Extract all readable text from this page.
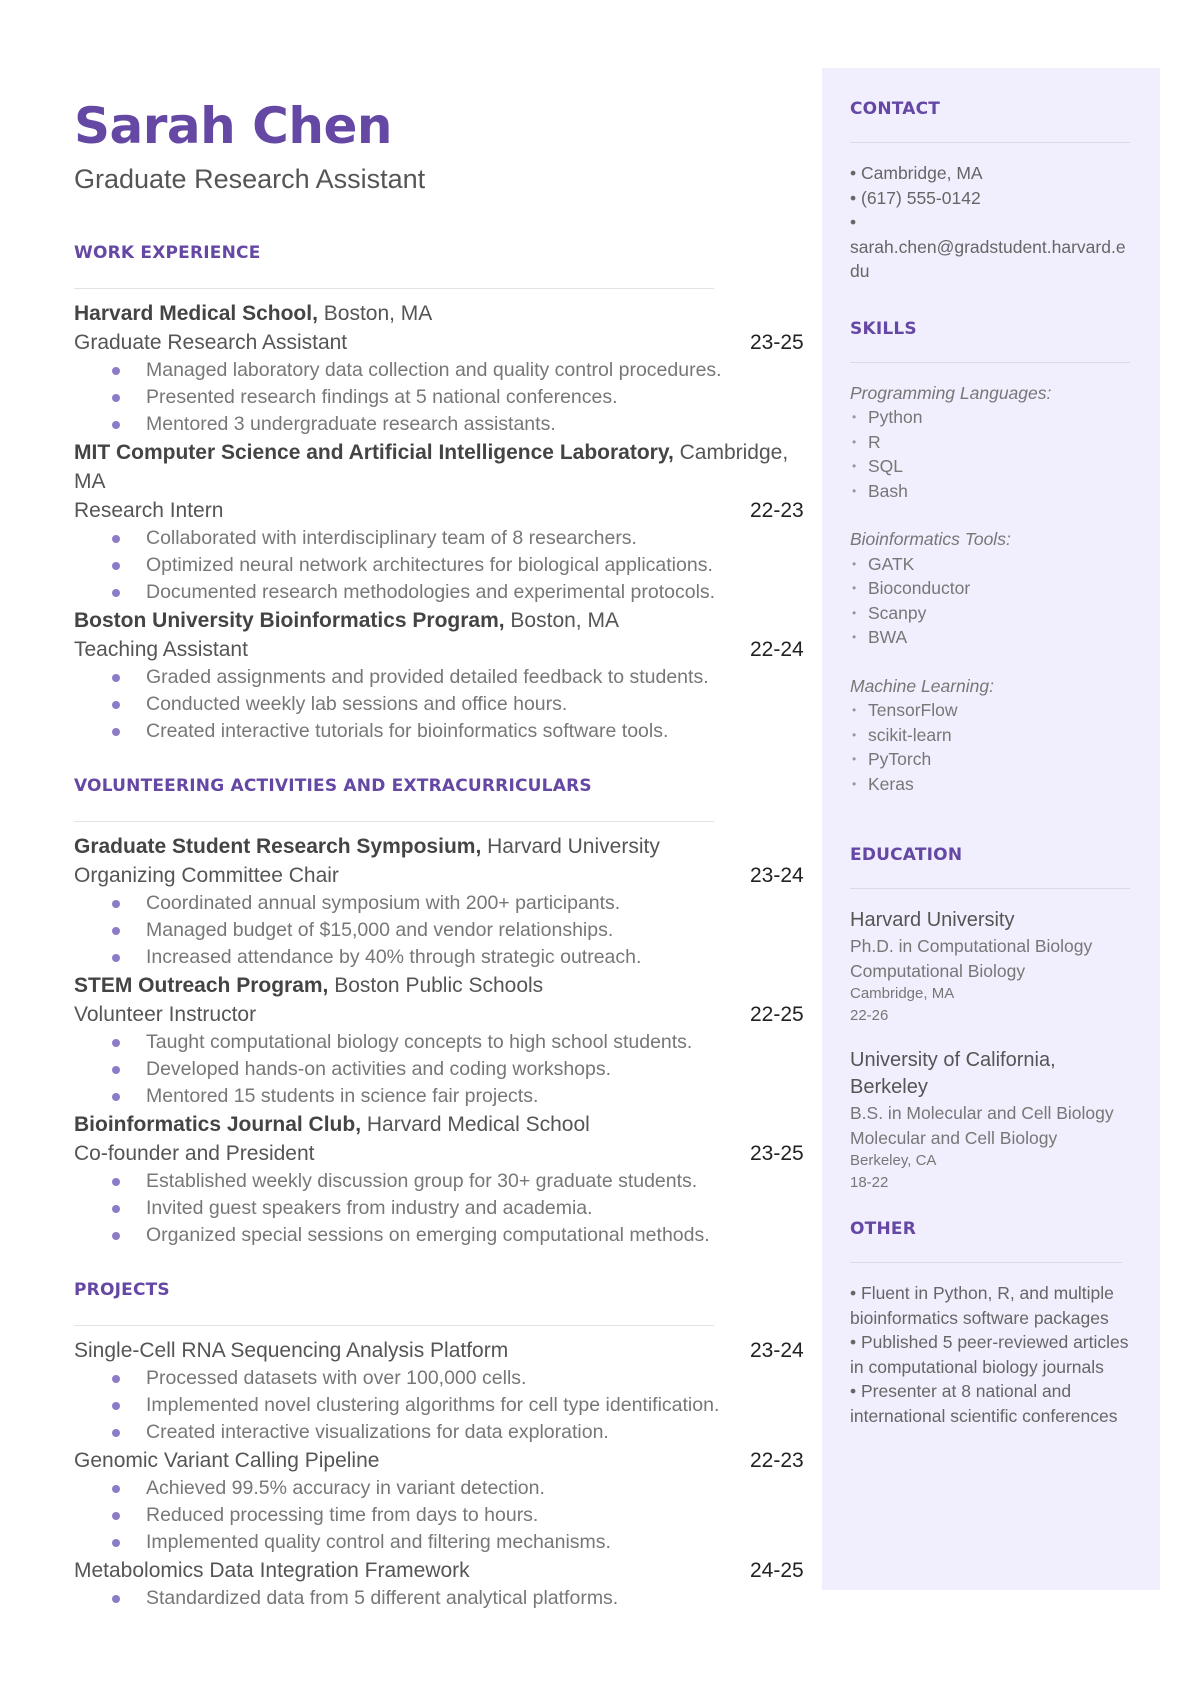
Sarah Chen
Graduate Research Assistant
WORK EXPERIENCE
Harvard Medical School, Boston, MA
Graduate Research Assistant	23-25
Managed laboratory data collection and quality control procedures.
Presented research findings at 5 national conferences.
Mentored 3 undergraduate research assistants.
MIT Computer Science and Artificial Intelligence Laboratory, Cambridge, MA
Research Intern	22-23
Collaborated with interdisciplinary team of 8 researchers.
Optimized neural network architectures for biological applications.
Documented research methodologies and experimental protocols.
Boston University Bioinformatics Program, Boston, MA
Teaching Assistant	22-24
Graded assignments and provided detailed feedback to students.
Conducted weekly lab sessions and office hours.
Created interactive tutorials for bioinformatics software tools.
VOLUNTEERING ACTIVITIES AND EXTRACURRICULARS
Graduate Student Research Symposium, Harvard University
Organizing Committee Chair	23-24
Coordinated annual symposium with 200+ participants.
Managed budget of $15,000 and vendor relationships.
Increased attendance by 40% through strategic outreach.
STEM Outreach Program, Boston Public Schools
Volunteer Instructor	22-25
Taught computational biology concepts to high school students.
Developed hands-on activities and coding workshops.
Mentored 15 students in science fair projects.
Bioinformatics Journal Club, Harvard Medical School
Co-founder and President	23-25
Established weekly discussion group for 30+ graduate students.
Invited guest speakers from industry and academia.
Organized special sessions on emerging computational methods.
PROJECTS
Single-Cell RNA Sequencing Analysis Platform	23-24
Processed datasets with over 100,000 cells.
Implemented novel clustering algorithms for cell type identification.
Created interactive visualizations for data exploration.
Genomic Variant Calling Pipeline	22-23
Achieved 99.5% accuracy in variant detection.
Reduced processing time from days to hours.
Implemented quality control and filtering mechanisms.
Metabolomics Data Integration Framework	24-25
Standardized data from 5 different analytical platforms.
CONTACT
• Cambridge, MA
• (617) 555-0142
•
sarah.chen@gradstudent.harvard.e du
SKILLS
Programming Languages:
• Python
• R
• SQL
• Bash
Bioinformatics Tools:
• GATK
• Bioconductor
• Scanpy
• BWA
Machine Learning:
• TensorFlow
• scikit-learn
• PyTorch
• Keras
EDUCATION
Harvard University
Ph.D. in Computational Biology
Computational Biology
Cambridge, MA
22-26
University of California, Berkeley
B.S. in Molecular and Cell Biology
Molecular and Cell Biology
Berkeley, CA
18-22
OTHER
• Fluent in Python, R, and multiple bioinformatics software packages
• Published 5 peer-reviewed articles in computational biology journals
• Presenter at 8 national and international scientific conferences
